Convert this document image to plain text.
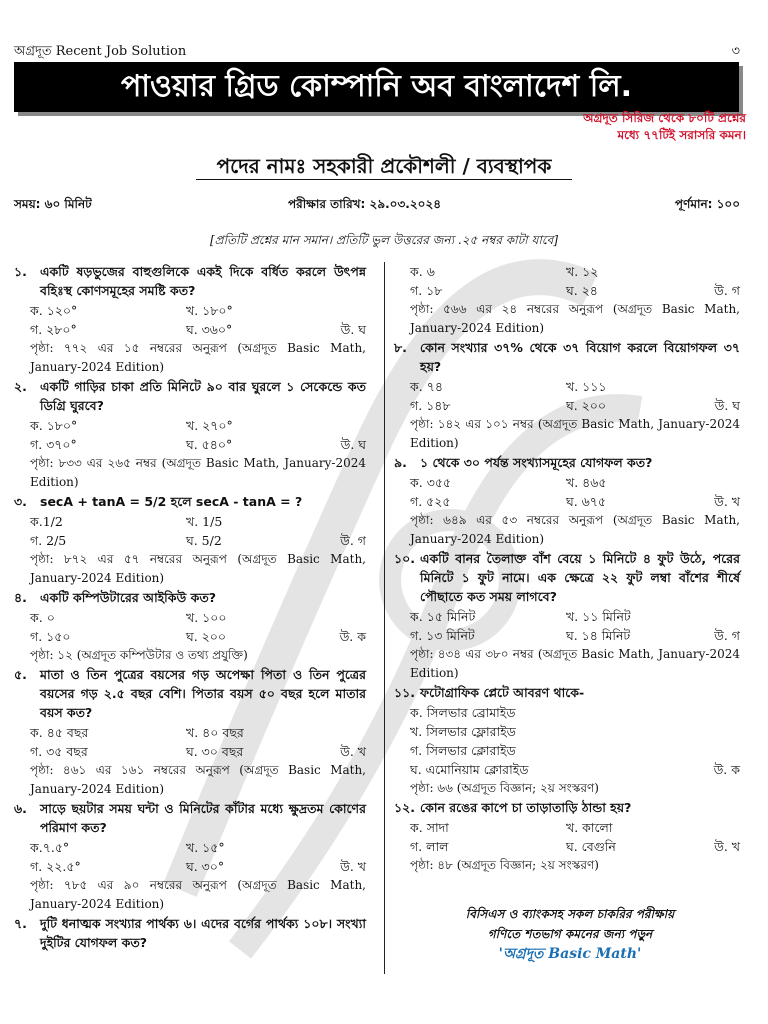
অগ্রদূত Recent Job Solution	৩
পাওয়ার গ্রিড কোম্পানি অব বাংলাদেশ লি.
অগ্রদূত সিরিজ থেকে ৮০টি প্রশ্নের
মধ্যে ৭৭টিই সরাসরি কমন।
পদের নামঃ সহকারী প্রকৌশলী / ব্যবস্থাপক
সময়: ৬০ মিনিট	পরীক্ষার তারিখ: ২৯.০৩.২০২৪	পূর্ণমান: ১০০
[প্রতিটি প্রশ্নের মান সমান। প্রতিটি ভুল উত্তরের জন্য .২৫ নম্বর কাটা যাবে]
১. একটি ষড়ভুজের বাহুগুলিকে একই দিকে বর্ধিত করলে উৎপন্ন বহিঃস্থ কোণসমূহের সমষ্টি কত?
ক. ১২০°	খ. ১৮০°
গ. ২৮০°	ঘ. ৩৬০°	উ. ঘ
পৃষ্ঠা: ৭৭২ এর ১৫ নম্বরের অনুরূপ (অগ্রদূত Basic Math, January-2024 Edition)
২. একটি গাড়ির চাকা প্রতি মিনিটে ৯০ বার ঘুরলে ১ সেকেন্ডে কত ডিগ্রি ঘুরবে?
ক. ১৮০°	খ. ২৭০°
গ. ৩৭০°	ঘ. ৫৪০°	উ. ঘ
পৃষ্ঠা: ৮৩৩ এর ২৬৫ নম্বর (অগ্রদূত Basic Math, January-2024 Edition)
৩. secA + tanA = 5/2 হলে secA - tanA = ?
ক.1/2	খ. 1/5
গ. 2/5	ঘ. 5/2	উ. গ
পৃষ্ঠা: ৮৭২ এর ৫৭ নম্বরের অনুরূপ (অগ্রদূত Basic Math, January-2024 Edition)
৪. একটি কম্পিউটারের আইকিউ কত?
ক. ০	খ. ১০০
গ. ১৫০	ঘ. ২০০	উ. ক
পৃষ্ঠা: ১২ (অগ্রদূত কম্পিউটার ও তথ্য প্রযুক্তি)
৫. মাতা ও তিন পুত্রের বয়সের গড় অপেক্ষা পিতা ও তিন পুত্রের বয়সের গড় ২.৫ বছর বেশি। পিতার বয়স ৫০ বছর হলে মাতার বয়স কত?
ক. ৪৫ বছর	খ. ৪০ বছর
গ. ৩৫ বছর	ঘ. ৩০ বছর	উ. খ
পৃষ্ঠা: ৪৬১ এর ১৬১ নম্বরের অনুরূপ (অগ্রদূত Basic Math, January-2024 Edition)
৬. সাড়ে ছয়টার সময় ঘন্টা ও মিনিটের কাঁটার মধ্যে ক্ষুদ্রতম কোণের পরিমাণ কত?
ক.৭.৫°	খ. ১৫°
গ. ২২.৫°	ঘ. ৩০°	উ. খ
পৃষ্ঠা: ৭৮৫ এর ৯০ নম্বরের অনুরূপ (অগ্রদূত Basic Math, January-2024 Edition)
৭. দুটি ধনাত্মক সংখ্যার পার্থক্য ৬। এদের বর্গের পার্থক্য ১০৮। সংখ্যা দুইটির যোগফল কত?
ক. ৬	খ. ১২
গ. ১৮	ঘ. ২৪	উ. গ
পৃষ্ঠা: ৫৬৬ এর ২৪ নম্বরের অনুরূপ (অগ্রদূত Basic Math, January-2024 Edition)
৮. কোন সংখ্যার ৩৭% থেকে ৩৭ বিয়োগ করলে বিয়োগফল ৩৭ হয়?
ক. ৭৪	খ. ১১১
গ. ১৪৮	ঘ. ২০০	উ. ঘ
পৃষ্ঠা: ১৪২ এর ১০১ নম্বর (অগ্রদূত Basic Math, January-2024 Edition)
৯. ১ থেকে ৩০ পর্যন্ত সংখ্যাসমূহের যোগফল কত?
ক. ৩৫৫	খ. ৪৬৫
গ. ৫২৫	ঘ. ৬৭৫	উ. খ
পৃষ্ঠা: ৬৪৯ এর ৫৩ নম্বরের অনুরূপ (অগ্রদূত Basic Math, January-2024 Edition)
১০. একটি বানর তৈলাক্ত বাঁশ বেয়ে ১ মিনিটে ৪ ফুট উঠে, পরের মিনিটে ১ ফুট নামে। এক ক্ষেত্রে ২২ ফুট লম্বা বাঁশের শীর্ষে পৌছাতে কত সময় লাগবে?
ক. ১৫ মিনিট	খ. ১১ মিনিট
গ. ১৩ মিনিট	ঘ. ১৪ মিনিট	উ. গ
পৃষ্ঠা: ৪৩৪ এর ৩৮০ নম্বর (অগ্রদূত Basic Math, January-2024 Edition)
১১. ফটোগ্রাফিক প্লেটে আবরণ থাকে-
ক. সিলভার ব্রোমাইড
খ. সিলভার ফ্লোরাইড
গ. সিলভার ক্লোরাইড
ঘ. এমোনিয়াম ক্লোরাইড	উ. ক
পৃষ্ঠা: ৬৬ (অগ্রদূত বিজ্ঞান; ২য় সংস্করণ)
১২. কোন রঙের কাপে চা তাড়াতাড়ি ঠান্ডা হয়?
ক. সাদা	খ. কালো
গ. লাল	ঘ. বেগুনি	উ. খ
পৃষ্ঠা: ৪৮ (অগ্রদূত বিজ্ঞান; ২য় সংস্করণ)
বিসিএস ও ব্যাংকসহ সকল চাকরির পরীক্ষায়
গণিতে শতভাগ কমনের জন্য পড়ুন
'অগ্রদূত Basic Math'
